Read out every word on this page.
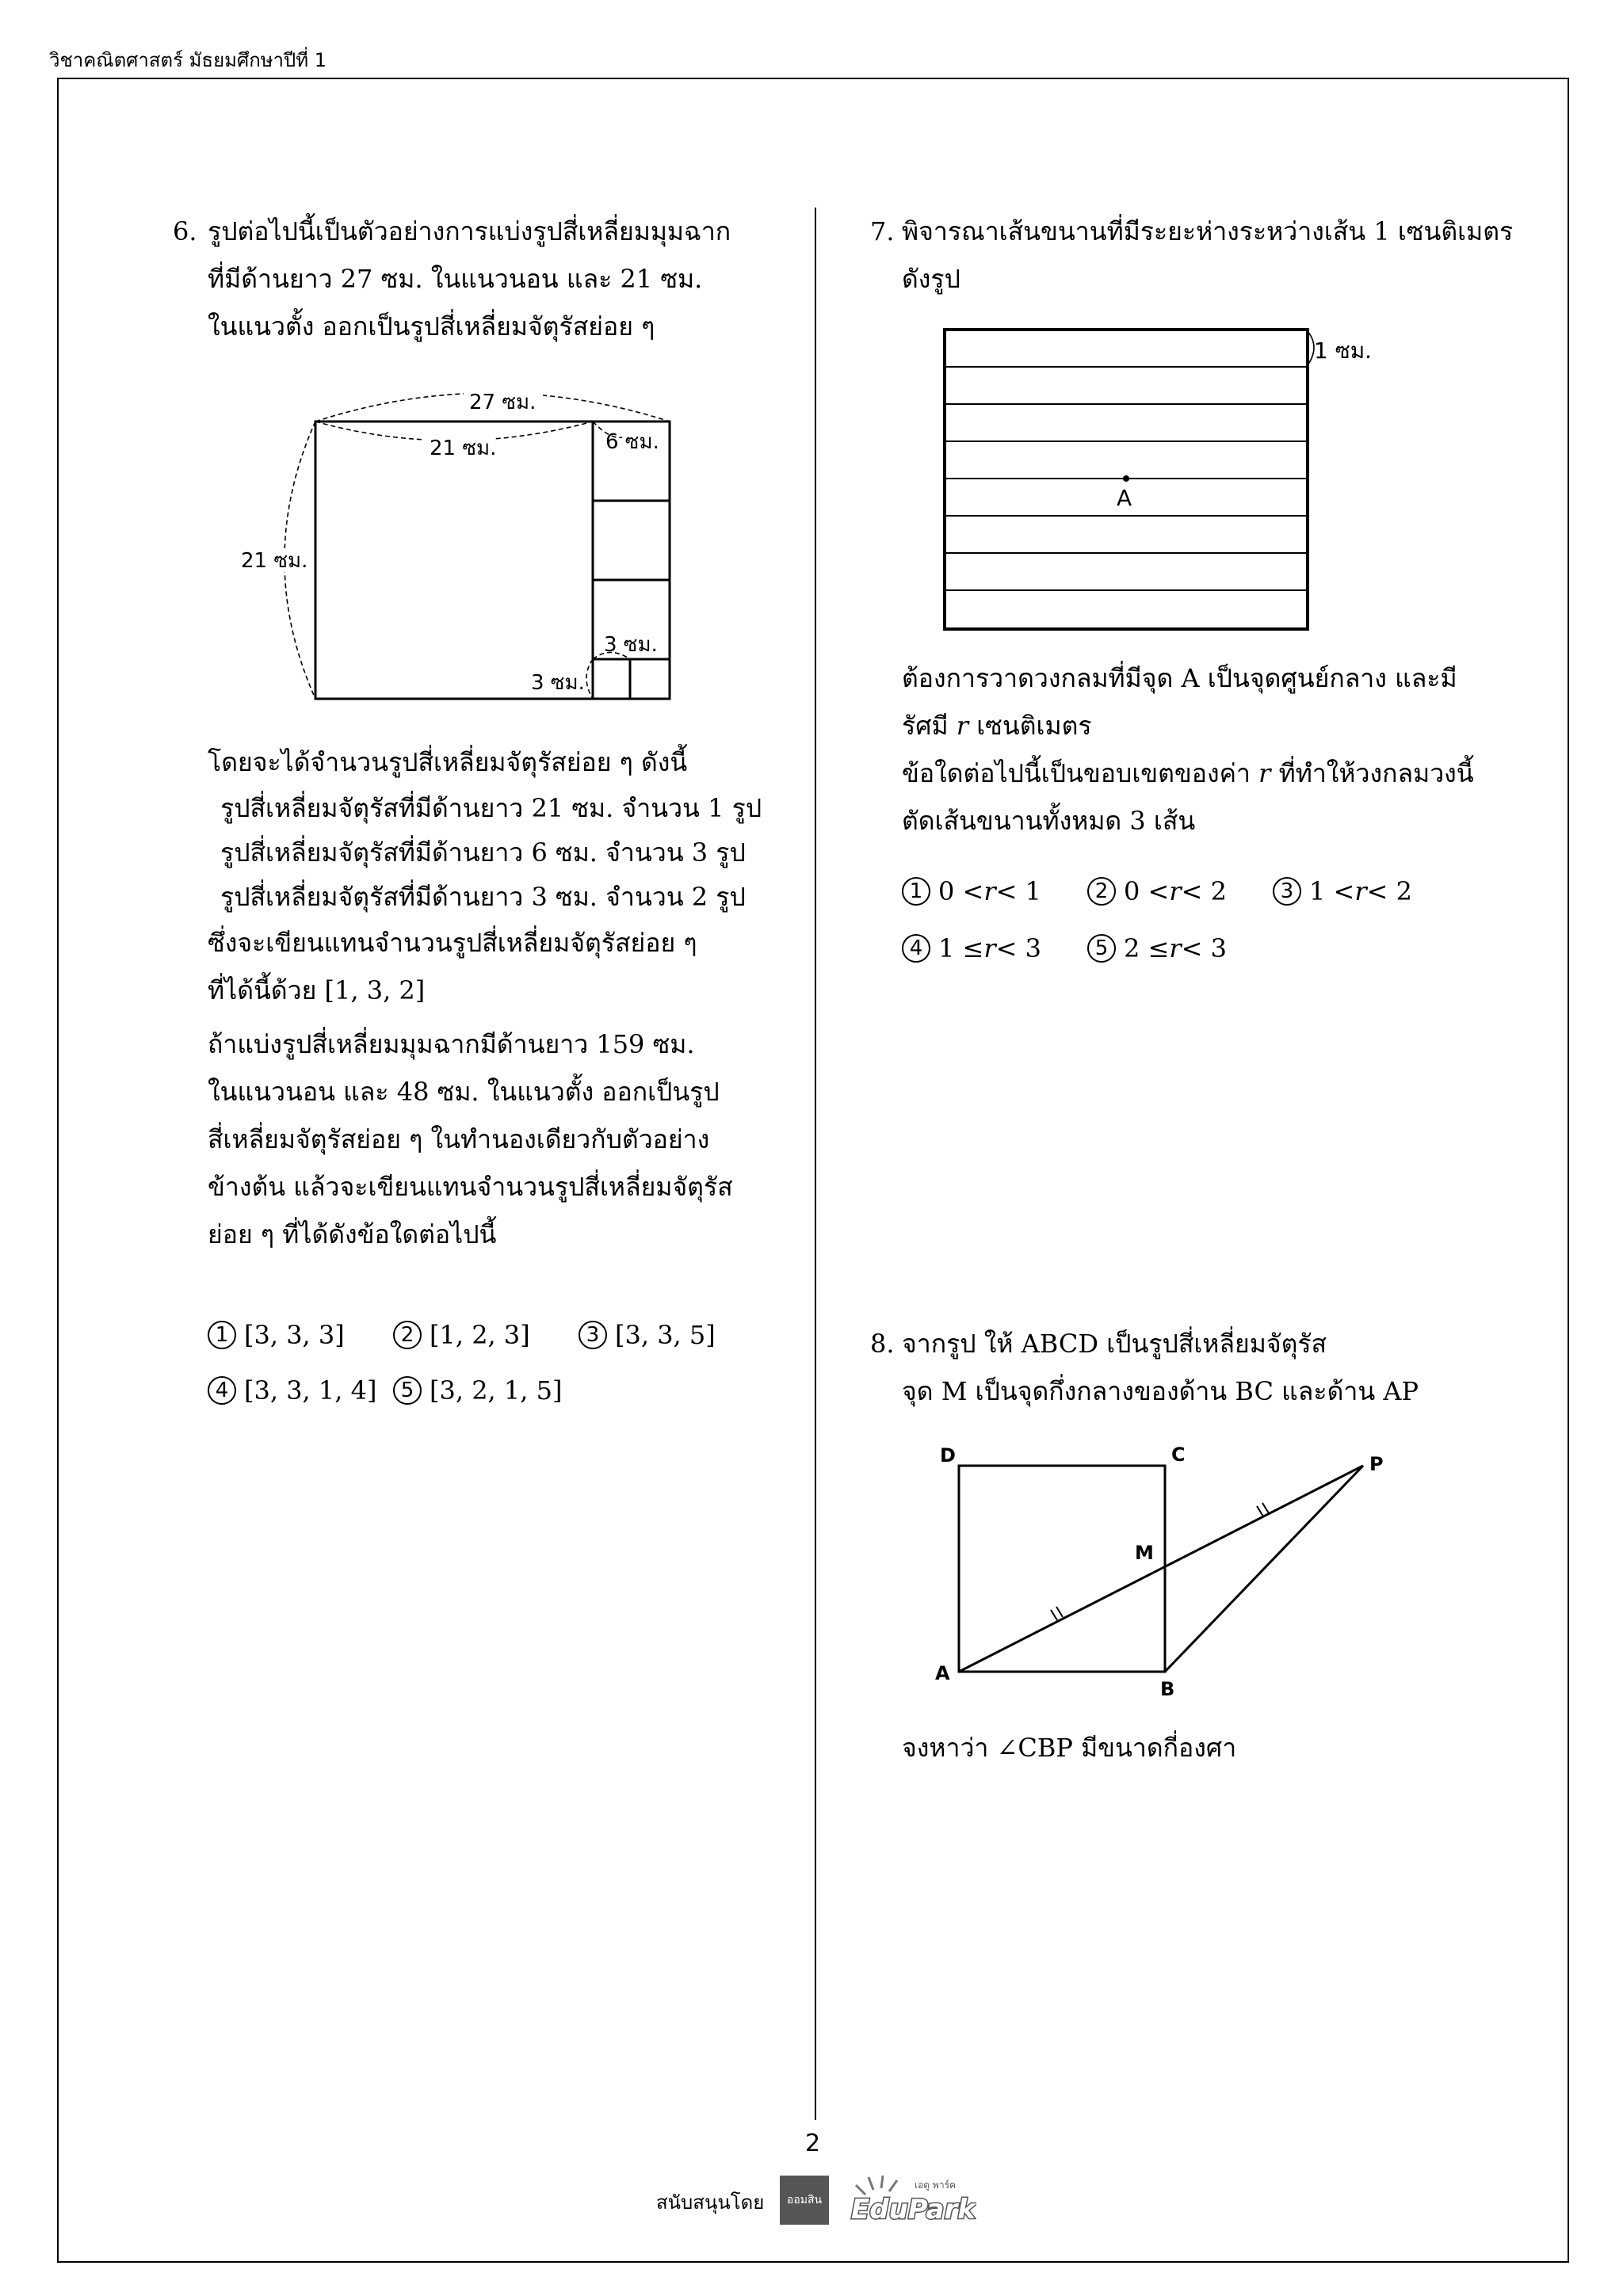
วิชาคณิตศาสตร์ มัธยมศึกษาปีที่ 1
6. รูปต่อไปนี้เป็นตัวอย่างการแบ่งรูปสี่เหลี่ยมมุมฉาก
ที่มีด้านยาว 27 ซม. ในแนวนอน และ 21 ซม.
ในแนวตั้ง ออกเป็นรูปสี่เหลี่ยมจัตุรัสย่อย ๆ
27 ซม.
21 ซม.
21 ซม.
6 ซม.
3 ซม.
3 ซม.
โดยจะได้จำนวนรูปสี่เหลี่ยมจัตุรัสย่อย ๆ ดังนี้
รูปสี่เหลี่ยมจัตุรัสที่มีด้านยาว 21 ซม. จำนวน 1 รูป
รูปสี่เหลี่ยมจัตุรัสที่มีด้านยาว 6 ซม. จำนวน 3 รูป
รูปสี่เหลี่ยมจัตุรัสที่มีด้านยาว 3 ซม. จำนวน 2 รูป
ซึ่งจะเขียนแทนจำนวนรูปสี่เหลี่ยมจัตุรัสย่อย ๆ
ที่ได้นี้ด้วย [1, 3, 2]
ถ้าแบ่งรูปสี่เหลี่ยมมุมฉากมีด้านยาว 159 ซม.
ในแนวนอน และ 48 ซม. ในแนวตั้ง ออกเป็นรูป
สี่เหลี่ยมจัตุรัสย่อย ๆ ในทำนองเดียวกับตัวอย่าง
ข้างต้น แล้วจะเขียนแทนจำนวนรูปสี่เหลี่ยมจัตุรัส
ย่อย ๆ ที่ได้ดังข้อใดต่อไปนี้
1 [3, 3, 3]	2 [1, 2, 3]	3 [3, 3, 5]
4 [3, 3, 1, 4]	5 [3, 2, 1, 5]
7. พิจารณาเส้นขนานที่มีระยะห่างระหว่างเส้น 1 เซนติเมตร
ดังรูป
1 ซม.
A
ต้องการวาดวงกลมที่มีจุด A เป็นจุดศูนย์กลาง และมี
รัศมี r เซนติเมตร
ข้อใดต่อไปนี้เป็นขอบเขตของค่า r ที่ทำให้วงกลมวงนี้
ตัดเส้นขนานทั้งหมด 3 เส้น
1 0 < r < 1	2 0 < r < 2	3 1 < r < 2
4 1 ≤ r < 3	5 2 ≤ r < 3
8. จากรูป ให้ ABCD เป็นรูปสี่เหลี่ยมจัตุรัส
จุด M เป็นจุดกึ่งกลางของด้าน BC และด้าน AP
D	C
A
B
M
P
จงหาว่า ∠CBP มีขนาดกี่องศา
2
สนับสนุนโดย	ออมสิน
เอดู พาร์ค
EduPark
